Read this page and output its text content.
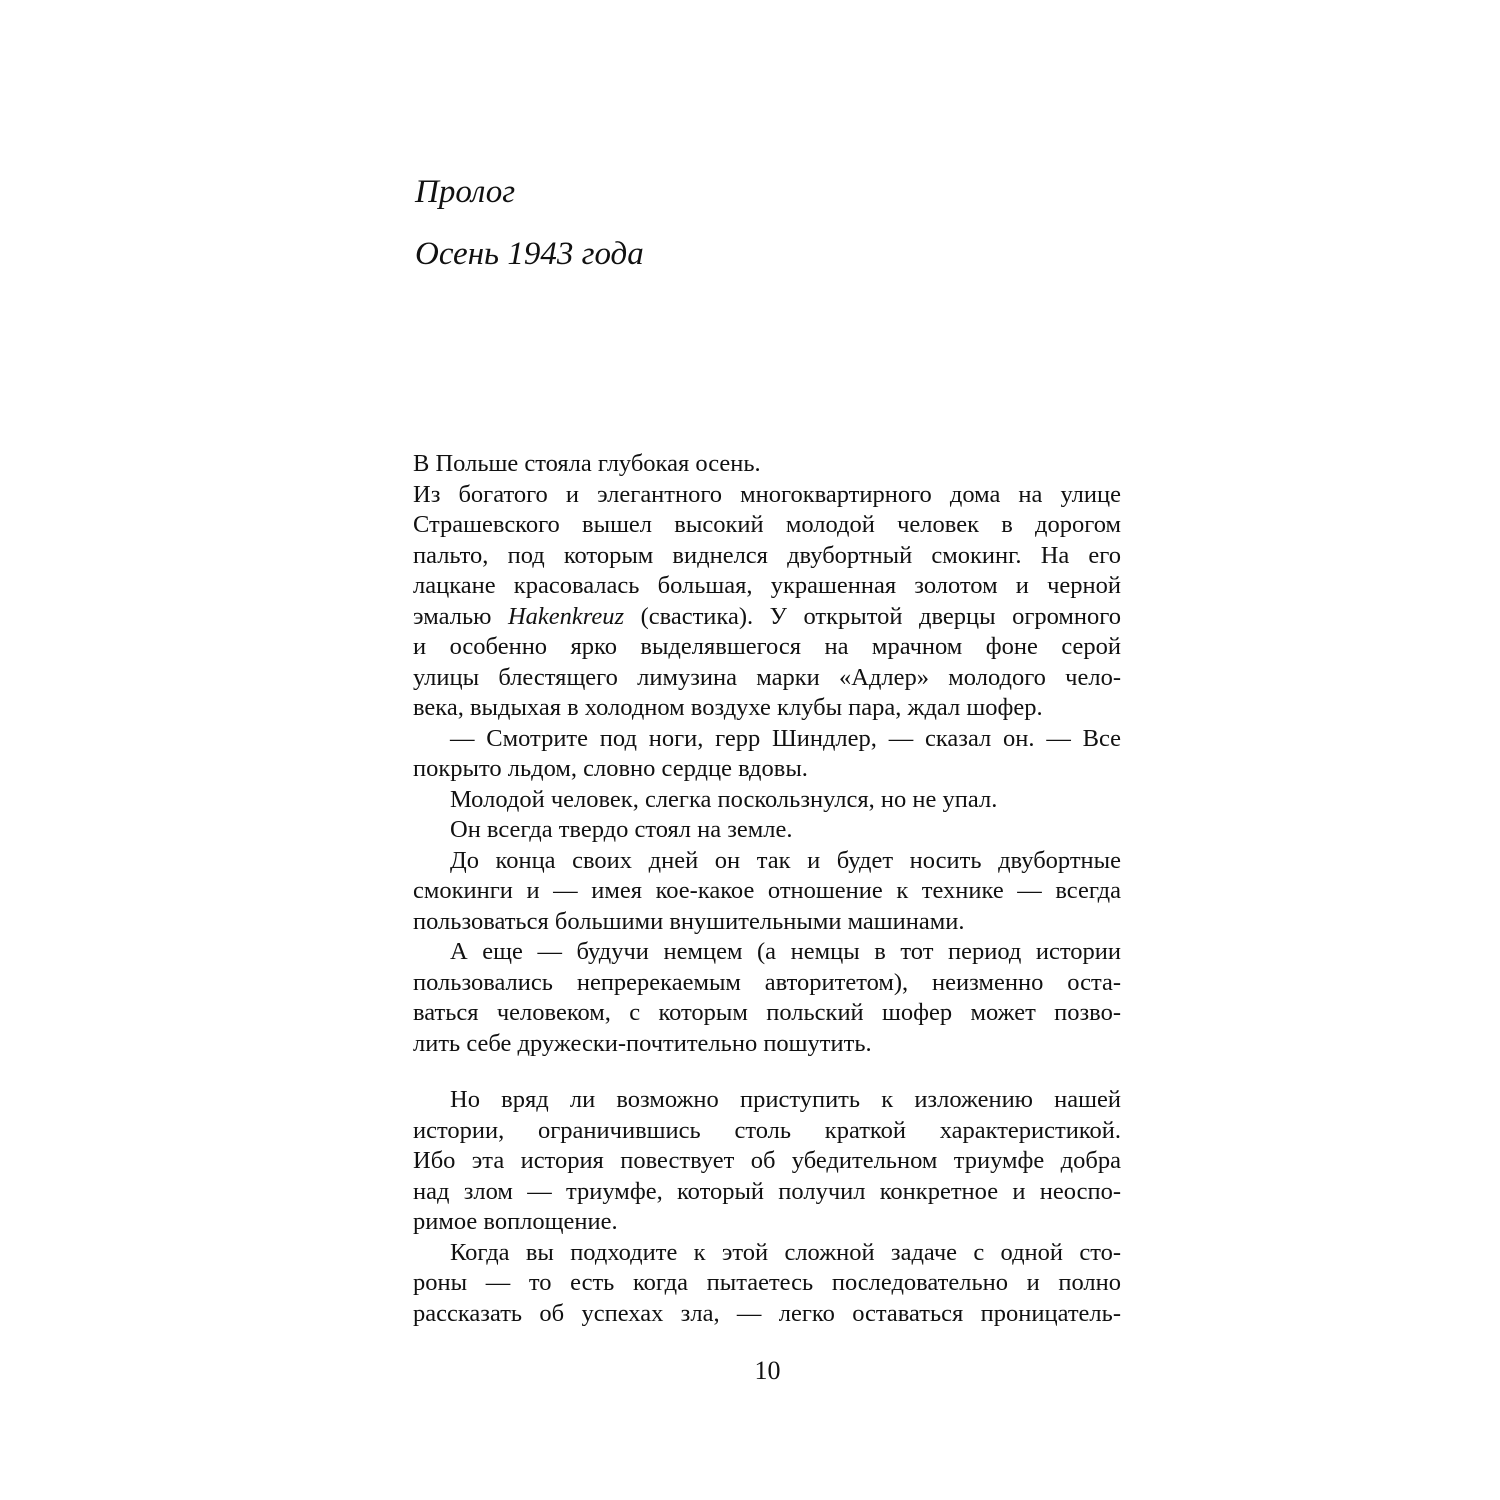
Пролог
Осень 1943 года
В Польше стояла глубокая осень.
Из богатого и элегантного многоквартирного дома на улице
Страшевского вышел высокий молодой человек в дорогом
пальто, под которым виднелся двубортный смокинг. На его
лацкане красовалась большая, украшенная золотом и черной
эмалью Hakenkreuz (свастика). У открытой дверцы огромного
и особенно ярко выделявшегося на мрачном фоне серой
улицы блестящего лимузина марки «Адлер» молодого чело-
века, выдыхая в холодном воздухе клубы пара, ждал шофер.
— Смотрите под ноги, герр Шиндлер, — сказал он. — Все
покрыто льдом, словно сердце вдовы.
Молодой человек, слегка поскользнулся, но не упал.
Он всегда твердо стоял на земле.
До конца своих дней он так и будет носить двубортные
смокинги и — имея кое-какое отношение к технике — всегда
пользоваться большими внушительными машинами.
А еще — будучи немцем (а немцы в тот период истории
пользовались непререкаемым авторитетом), неизменно оста-
ваться человеком, с которым польский шофер может позво-
лить себе дружески-почтительно пошутить.
Но вряд ли возможно приступить к изложению нашей
истории, ограничившись столь краткой характеристикой.
Ибо эта история повествует об убедительном триумфе добра
над злом — триумфе, который получил конкретное и неоспо-
римое воплощение.
Когда вы подходите к этой сложной задаче с одной сто-
роны — то есть когда пытаетесь последовательно и полно
рассказать об успехах зла, — легко оставаться проницатель-
10
